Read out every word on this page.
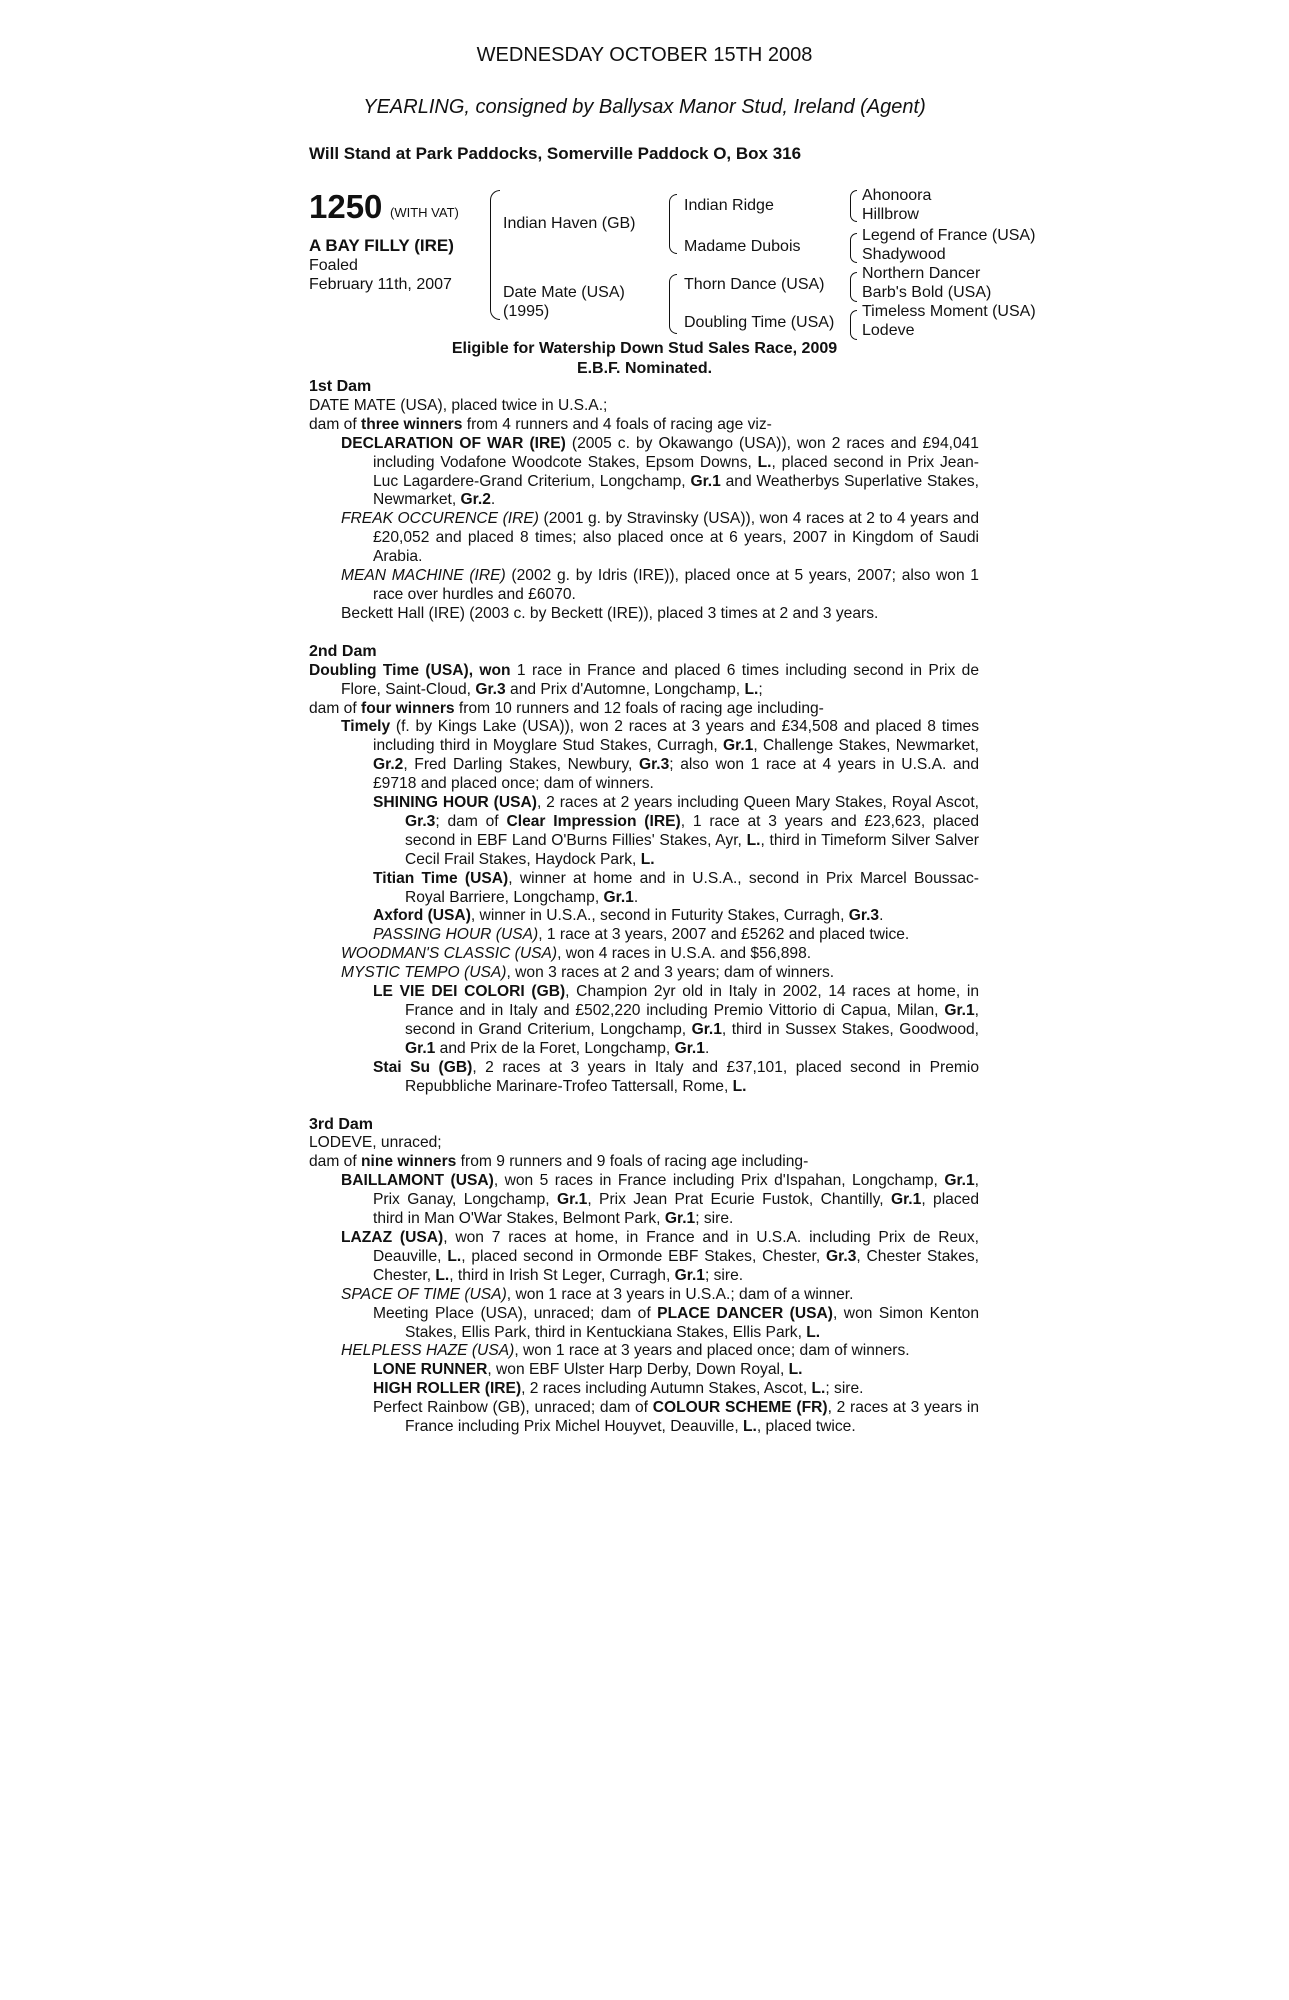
WEDNESDAY OCTOBER 15TH 2008
YEARLING, consigned by Ballysax Manor Stud, Ireland (Agent)
Will Stand at Park Paddocks, Somerville Paddock O, Box 316
1250 (WITH VAT)
A BAY FILLY (IRE)
Foaled
February 11th, 2007
Indian Haven (GB)
Date Mate (USA)
(1995)
Indian Ridge
Madame Dubois
Thorn Dance (USA)
Doubling Time (USA)
Ahonoora
Hillbrow
Legend of France (USA)
Shadywood
Northern Dancer
Barb's Bold (USA)
Timeless Moment (USA)
Lodeve
Eligible for Watership Down Stud Sales Race, 2009
E.B.F. Nominated.

1st Dam

DATE MATE (USA), placed twice in U.S.A.;

dam of three winners from 4 runners and 4 foals of racing age viz-

DECLARATION OF WAR (IRE) (2005 c. by Okawango (USA)), won 2 races and £94,041 including Vodafone Woodcote Stakes, Epsom Downs, L., placed second in Prix Jean-Luc Lagardere-Grand Criterium, Longchamp, Gr.1 and Weatherbys Superlative Stakes, Newmarket, Gr.2.

FREAK OCCURENCE (IRE) (2001 g. by Stravinsky (USA)), won 4 races at 2 to 4 years and £20,052 and placed 8 times; also placed once at 6 years, 2007 in Kingdom of Saudi Arabia.

MEAN MACHINE (IRE) (2002 g. by Idris (IRE)), placed once at 5 years, 2007; also won 1 race over hurdles and £6070.

Beckett Hall (IRE) (2003 c. by Beckett (IRE)), placed 3 times at 2 and 3 years.

2nd Dam

Doubling Time (USA), won 1 race in France and placed 6 times including second in Prix de Flore, Saint-Cloud, Gr.3 and Prix d'Automne, Longchamp, L.;

dam of four winners from 10 runners and 12 foals of racing age including-

Timely (f. by Kings Lake (USA)), won 2 races at 3 years and £34,508 and placed 8 times including third in Moyglare Stud Stakes, Curragh, Gr.1, Challenge Stakes, Newmarket, Gr.2, Fred Darling Stakes, Newbury, Gr.3; also won 1 race at 4 years in U.S.A. and £9718 and placed once; dam of winners.

SHINING HOUR (USA), 2 races at 2 years including Queen Mary Stakes, Royal Ascot, Gr.3; dam of Clear Impression (IRE), 1 race at 3 years and £23,623, placed second in EBF Land O'Burns Fillies' Stakes, Ayr, L., third in Timeform Silver Salver Cecil Frail Stakes, Haydock Park, L.

Titian Time (USA), winner at home and in U.S.A., second in Prix Marcel Boussac-Royal Barriere, Longchamp, Gr.1.

Axford (USA), winner in U.S.A., second in Futurity Stakes, Curragh, Gr.3.

PASSING HOUR (USA), 1 race at 3 years, 2007 and £5262 and placed twice.

WOODMAN'S CLASSIC (USA), won 4 races in U.S.A. and $56,898.

MYSTIC TEMPO (USA), won 3 races at 2 and 3 years; dam of winners.

LE VIE DEI COLORI (GB), Champion 2yr old in Italy in 2002, 14 races at home, in France and in Italy and £502,220 including Premio Vittorio di Capua, Milan, Gr.1, second in Grand Criterium, Longchamp, Gr.1, third in Sussex Stakes, Goodwood, Gr.1 and Prix de la Foret, Longchamp, Gr.1.

Stai Su (GB), 2 races at 3 years in Italy and £37,101, placed second in Premio Repubbliche Marinare-Trofeo Tattersall, Rome, L.

3rd Dam

LODEVE, unraced;

dam of nine winners from 9 runners and 9 foals of racing age including-

BAILLAMONT (USA), won 5 races in France including Prix d'Ispahan, Longchamp, Gr.1, Prix Ganay, Longchamp, Gr.1, Prix Jean Prat Ecurie Fustok, Chantilly, Gr.1, placed third in Man O'War Stakes, Belmont Park, Gr.1; sire.

LAZAZ (USA), won 7 races at home, in France and in U.S.A. including Prix de Reux, Deauville, L., placed second in Ormonde EBF Stakes, Chester, Gr.3, Chester Stakes, Chester, L., third in Irish St Leger, Curragh, Gr.1; sire.

SPACE OF TIME (USA), won 1 race at 3 years in U.S.A.; dam of a winner.

Meeting Place (USA), unraced; dam of PLACE DANCER (USA), won Simon Kenton Stakes, Ellis Park, third in Kentuckiana Stakes, Ellis Park, L.

HELPLESS HAZE (USA), won 1 race at 3 years and placed once; dam of winners.

LONE RUNNER, won EBF Ulster Harp Derby, Down Royal, L.

HIGH ROLLER (IRE), 2 races including Autumn Stakes, Ascot, L.; sire.

Perfect Rainbow (GB), unraced; dam of COLOUR SCHEME (FR), 2 races at 3 years in France including Prix Michel Houyvet, Deauville, L., placed twice.
